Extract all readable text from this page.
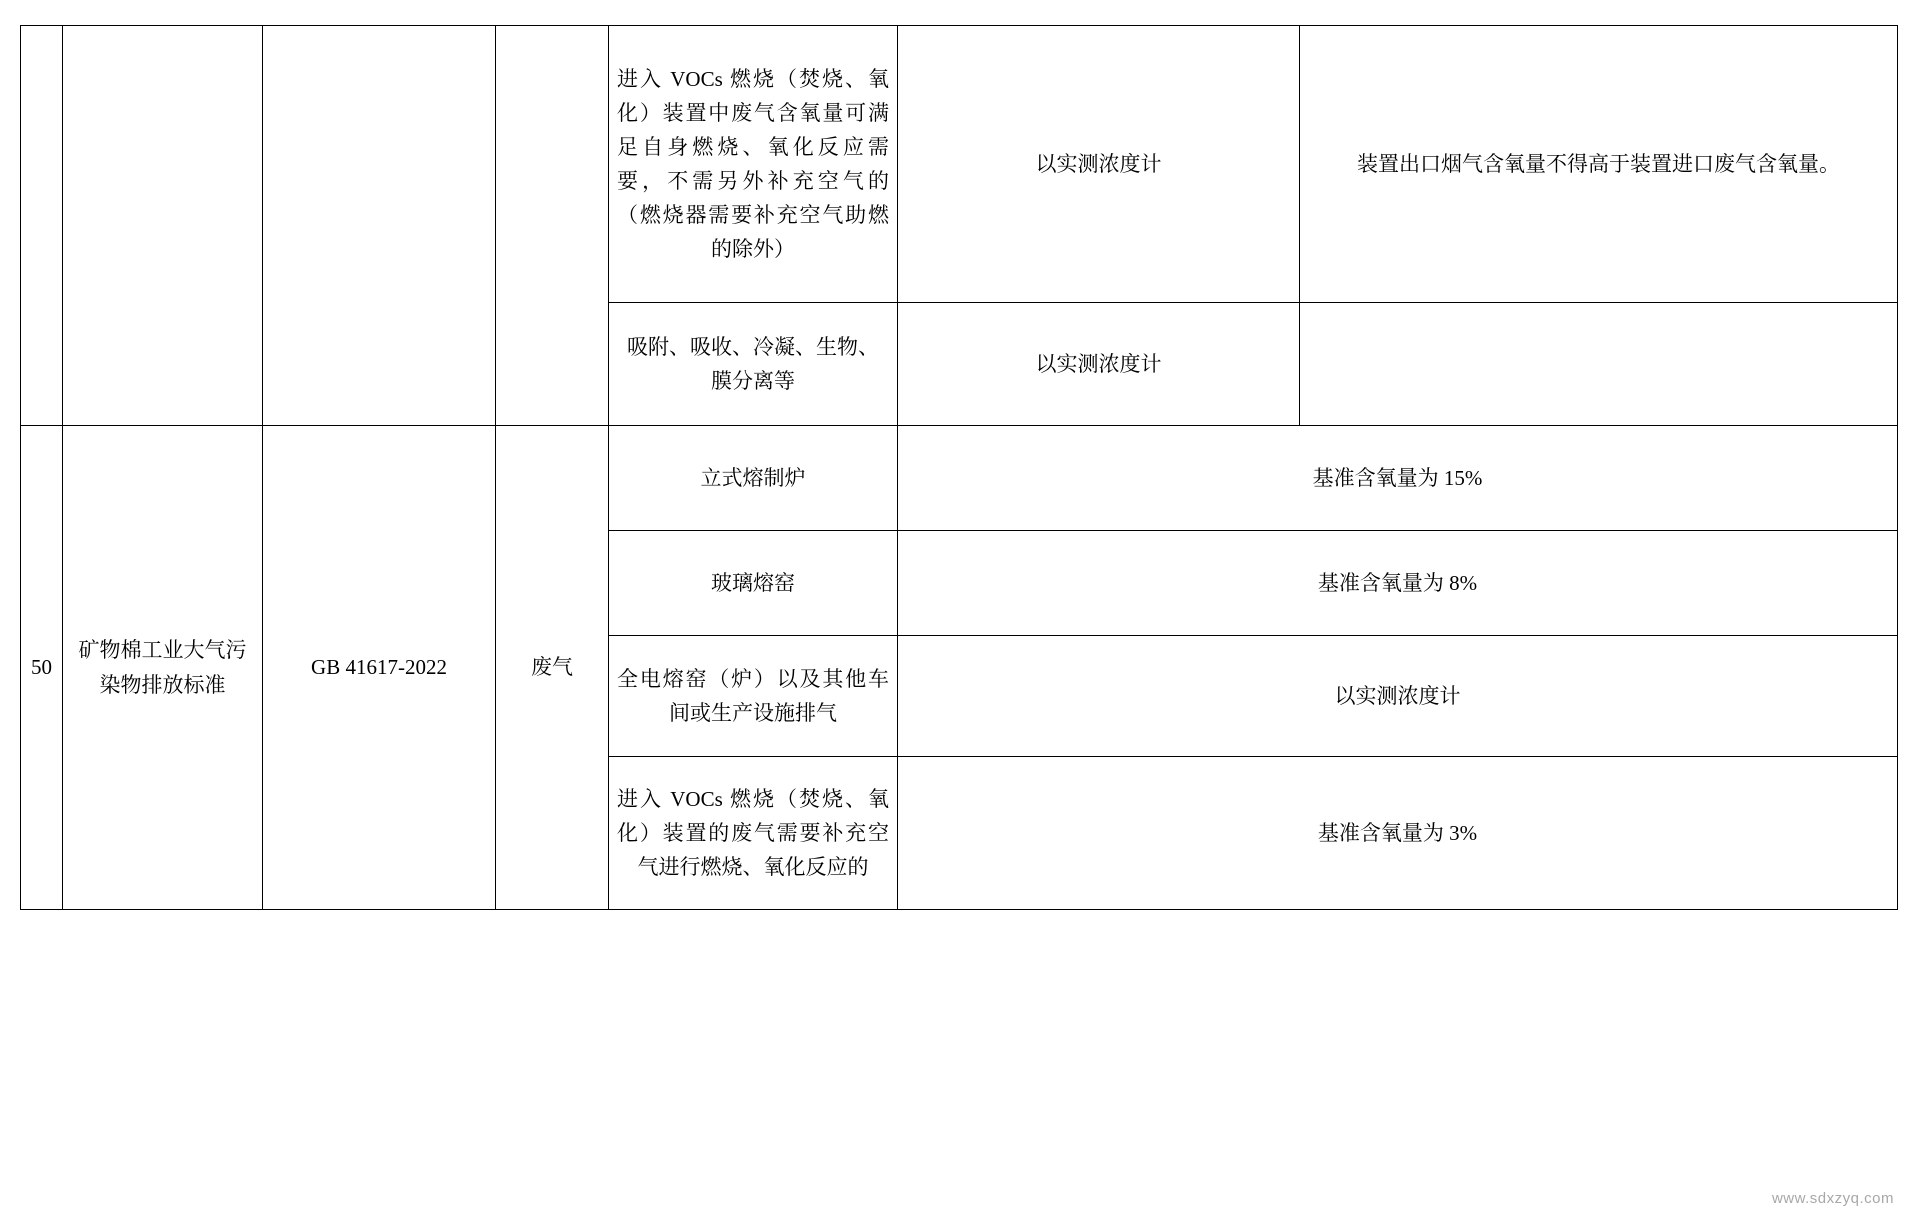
				进入 VOCs 燃烧（焚烧、氧化）装置中废气含氧量可满足自身燃烧、氧化反应需要，不需另外补充空气的（燃烧器需要补充空气助燃的除外）	以实测浓度计	装置出口烟气含氧量不得高于装置进口废气含氧量。
				吸附、吸收、冷凝、生物、膜分离等	以实测浓度计	
50	矿物棉工业大气污染物排放标准	GB 41617-2022	废气	立式熔制炉	基准含氧量为 15%	
				玻璃熔窑	基准含氧量为 8%	
				全电熔窑（炉）以及其他车间或生产设施排气	以实测浓度计	
				进入 VOCs 燃烧（焚烧、氧化）装置的废气需要补充空气进行燃烧、氧化反应的	基准含氧量为 3%	
www.sdxzyq.com
